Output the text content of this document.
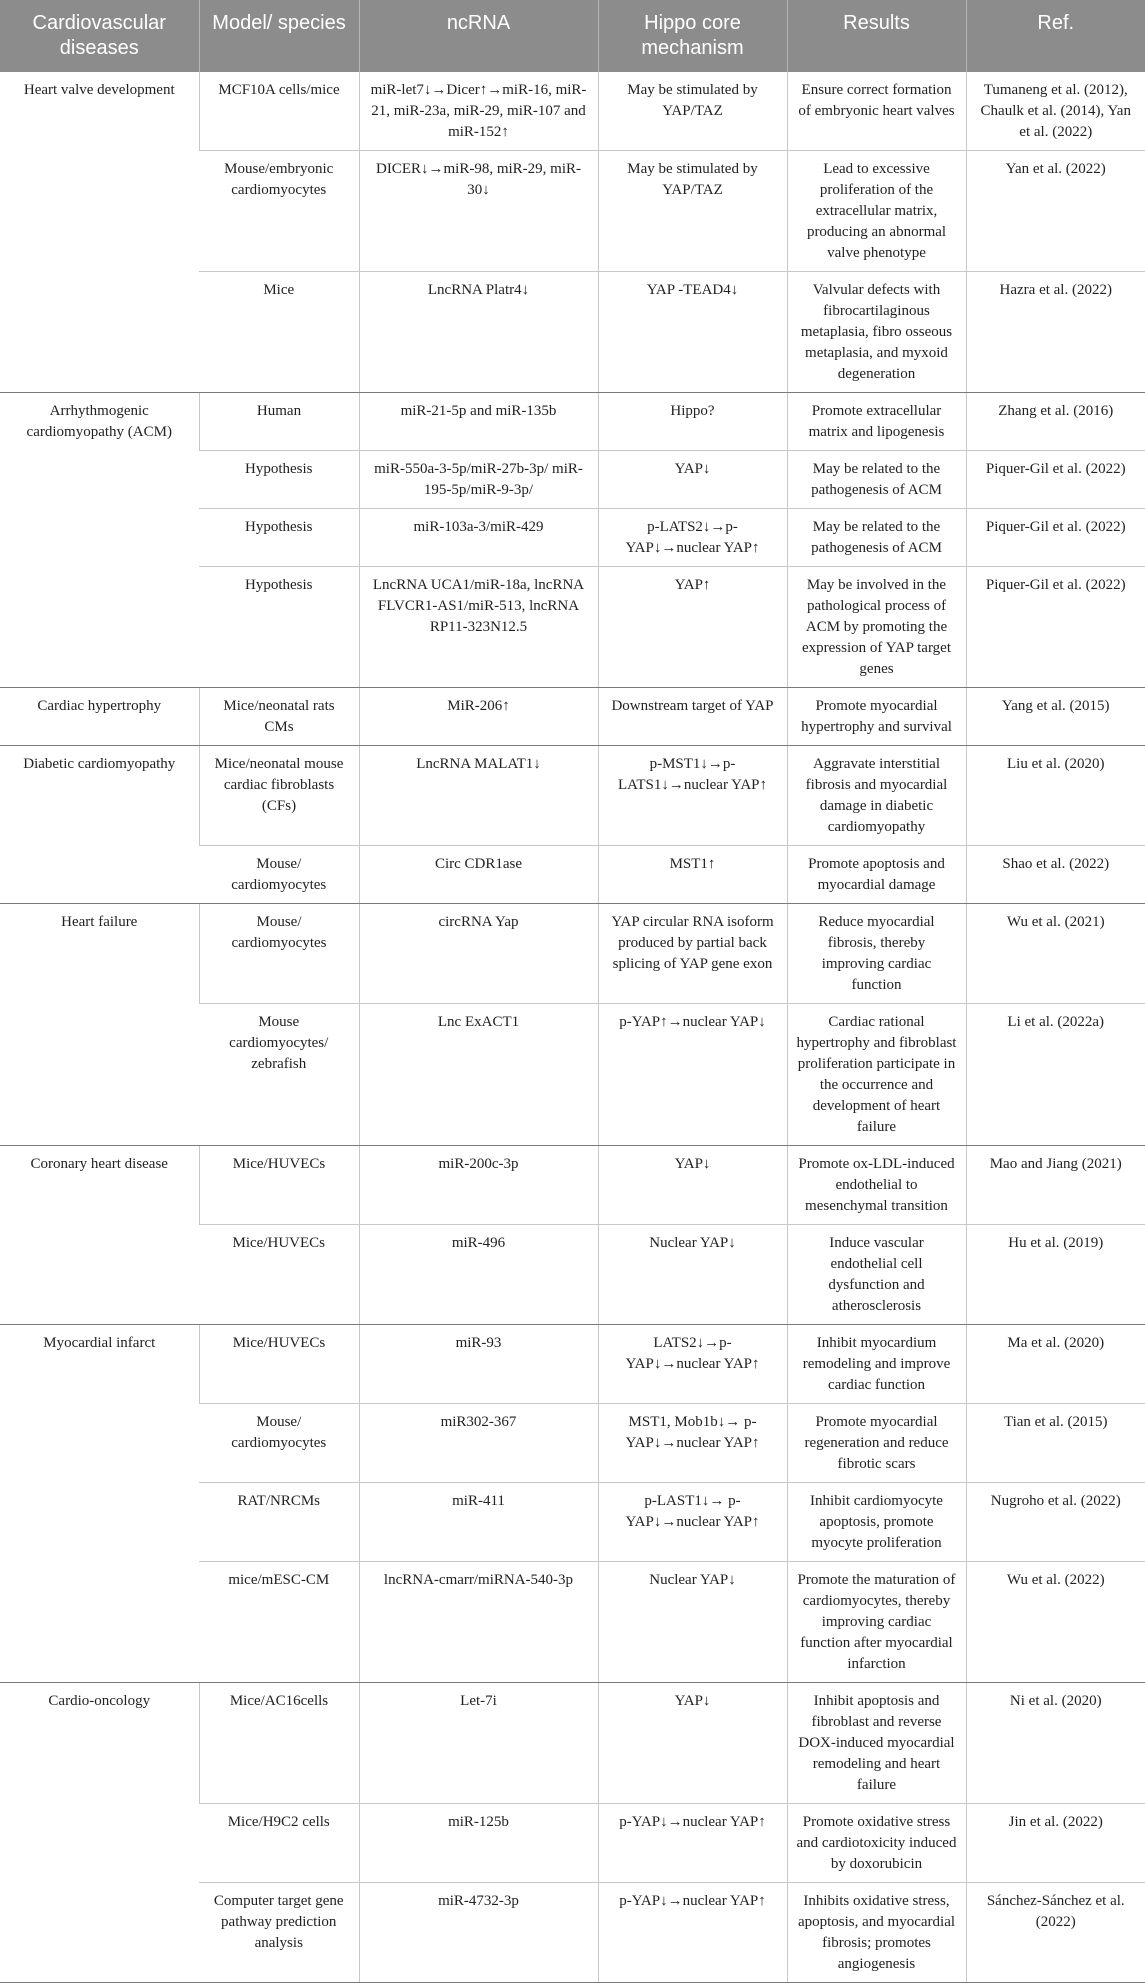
Cardiovascular diseases	Model/ species	ncRNA	Hippo core mechanism	Results	Ref.
Heart valve development	MCF10A cells/mice	miR-let7↓→Dicer↑→miR-16, miR-21, miR-23a, miR-29, miR-107 and miR-152↑	May be stimulated by YAP/TAZ	Ensure correct formation of embryonic heart valves	Tumaneng et al. (2012), Chaulk et al. (2014), Yan et al. (2022)
	Mouse/embryonic cardiomyocytes	DICER↓→miR-98, miR-29, miR-30↓	May be stimulated by YAP/TAZ	Lead to excessive proliferation of the extracellular matrix, producing an abnormal valve phenotype	Yan et al. (2022)
	Mice	LncRNA Platr4↓	YAP -TEAD4↓	Valvular defects with fibrocartilaginous metaplasia, fibro osseous metaplasia, and myxoid degeneration	Hazra et al. (2022)
Arrhythmogenic cardiomyopathy (ACM)	Human	miR-21-5p and miR-135b	Hippo?	Promote extracellular matrix and lipogenesis	Zhang et al. (2016)
	Hypothesis	miR-550a-3-5p/miR-27b-3p/ miR-195-5p/miR-9-3p/	YAP↓	May be related to the pathogenesis of ACM	Piquer-Gil et al. (2022)
	Hypothesis	miR-103a-3/miR-429	p-LATS2↓→p-YAP↓→nuclear YAP↑	May be related to the pathogenesis of ACM	Piquer-Gil et al. (2022)
	Hypothesis	LncRNA UCA1/miR-18a, lncRNA FLVCR1-AS1/miR-513, lncRNA RP11-323N12.5	YAP↑	May be involved in the pathological process of ACM by promoting the expression of YAP target genes	Piquer-Gil et al. (2022)
Cardiac hypertrophy	Mice/neonatal rats CMs	MiR-206↑	Downstream target of YAP	Promote myocardial hypertrophy and survival	Yang et al. (2015)
Diabetic cardiomyopathy	Mice/neonatal mouse cardiac fibroblasts (CFs)	LncRNA MALAT1↓	p-MST1↓→p-LATS1↓→nuclear YAP↑	Aggravate interstitial fibrosis and myocardial damage in diabetic cardiomyopathy	Liu et al. (2020)
	Mouse/ cardiomyocytes	Circ CDR1ase	MST1↑	Promote apoptosis and myocardial damage	Shao et al. (2022)
Heart failure	Mouse/ cardiomyocytes	circRNA Yap	YAP circular RNA isoform produced by partial back splicing of YAP gene exon	Reduce myocardial fibrosis, thereby improving cardiac function	Wu et al. (2021)
	Mouse cardiomyocytes/ zebrafish	Lnc ExACT1	p-YAP↑→nuclear YAP↓	Cardiac rational hypertrophy and fibroblast proliferation participate in the occurrence and development of heart failure	Li et al. (2022a)
Coronary heart disease	Mice/HUVECs	miR-200c-3p	YAP↓	Promote ox-LDL-induced endothelial to mesenchymal transition	Mao and Jiang (2021)
	Mice/HUVECs	miR-496	Nuclear YAP↓	Induce vascular endothelial cell dysfunction and atherosclerosis	Hu et al. (2019)
Myocardial infarct	Mice/HUVECs	miR-93	LATS2↓→p-YAP↓→nuclear YAP↑	Inhibit myocardium remodeling and improve cardiac function	Ma et al. (2020)
	Mouse/ cardiomyocytes	miR302-367	MST1, Mob1b↓→ p-YAP↓→nuclear YAP↑	Promote myocardial regeneration and reduce fibrotic scars	Tian et al. (2015)
	RAT/NRCMs	miR-411	p-LAST1↓→ p-YAP↓→nuclear YAP↑	Inhibit cardiomyocyte apoptosis, promote myocyte proliferation	Nugroho et al. (2022)
	mice/mESC-CM	lncRNA-cmarr/miRNA-540-3p	Nuclear YAP↓	Promote the maturation of cardiomyocytes, thereby improving cardiac function after myocardial infarction	Wu et al. (2022)
Cardio-oncology	Mice/AC16cells	Let-7i	YAP↓	Inhibit apoptosis and fibroblast and reverse DOX-induced myocardial remodeling and heart failure	Ni et al. (2020)
	Mice/H9C2 cells	miR-125b	p-YAP↓→nuclear YAP↑	Promote oxidative stress and cardiotoxicity induced by doxorubicin	Jin et al. (2022)
	Computer target gene pathway prediction analysis	miR-4732-3p	p-YAP↓→nuclear YAP↑	Inhibits oxidative stress, apoptosis, and myocardial fibrosis; promotes angiogenesis	Sánchez-Sánchez et al. (2022)
